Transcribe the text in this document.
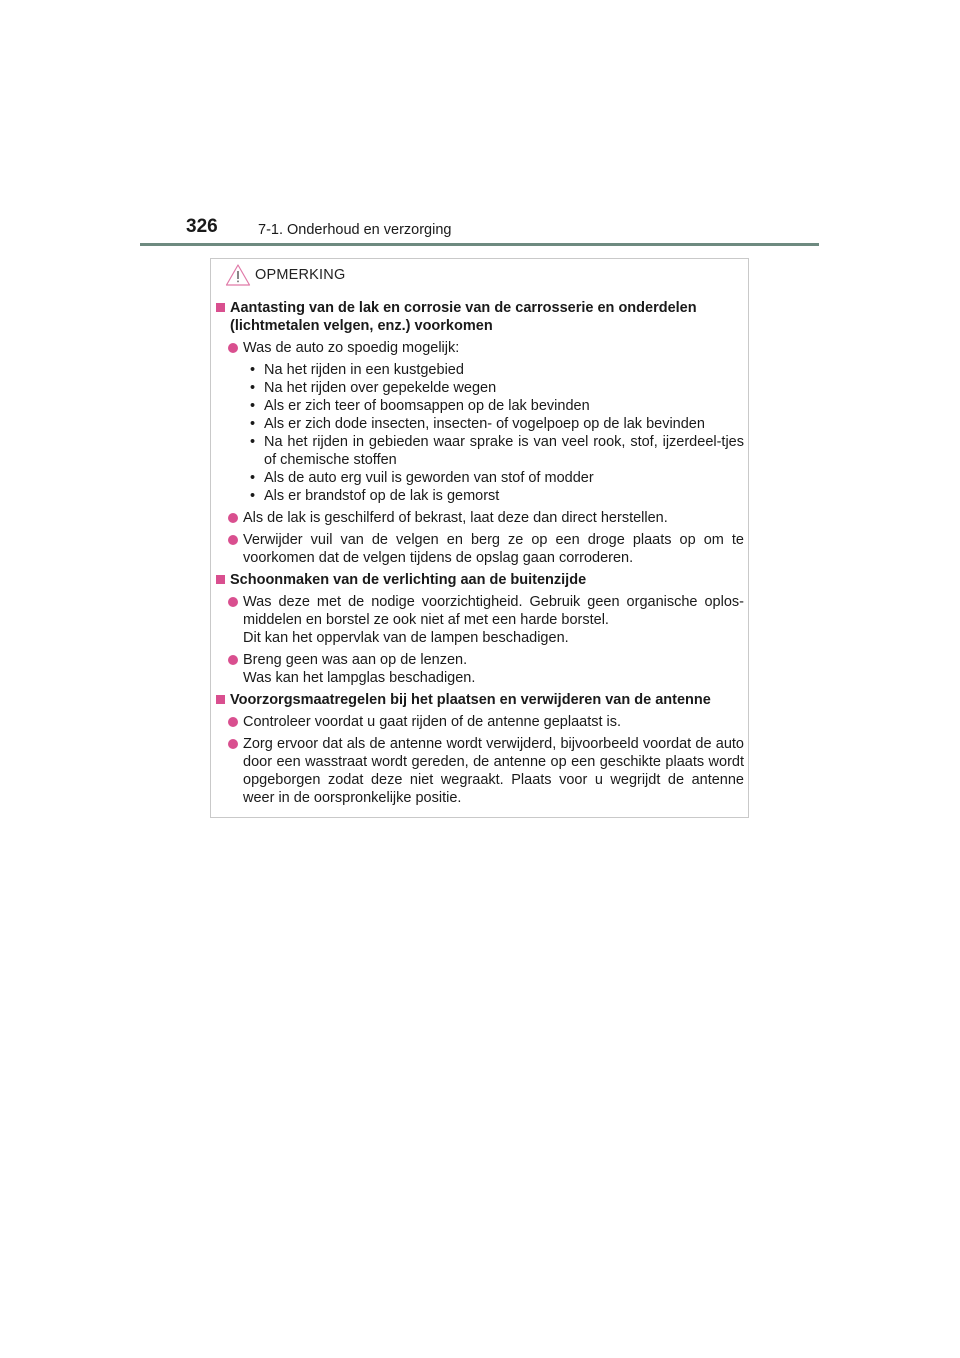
326	7-1. Onderhoud en verzorging
OPMERKING
Aantasting van de lak en corrosie van de carrosserie en onderdelen (lichtmetalen velgen, enz.) voorkomen
Was de auto zo spoedig mogelijk:
• Na het rijden in een kustgebied
• Na het rijden over gepekelde wegen
• Als er zich teer of boomsappen op de lak bevinden
• Als er zich dode insecten, insecten- of vogelpoep op de lak bevinden
• Na het rijden in gebieden waar sprake is van veel rook, stof, ijzerdeel-tjes of chemische stoffen
• Als de auto erg vuil is geworden van stof of modder
• Als er brandstof op de lak is gemorst
Als de lak is geschilferd of bekrast, laat deze dan direct herstellen.
Verwijder vuil van de velgen en berg ze op een droge plaats op om te voorkomen dat de velgen tijdens de opslag gaan corroderen.
Schoonmaken van de verlichting aan de buitenzijde
Was deze met de nodige voorzichtigheid. Gebruik geen organische oplos-middelen en borstel ze ook niet af met een harde borstel.
Dit kan het oppervlak van de lampen beschadigen.
Breng geen was aan op de lenzen.
Was kan het lampglas beschadigen.
Voorzorgsmaatregelen bij het plaatsen en verwijderen van de antenne
Controleer voordat u gaat rijden of de antenne geplaatst is.
Zorg ervoor dat als de antenne wordt verwijderd, bijvoorbeeld voordat de auto door een wasstraat wordt gereden, de antenne op een geschikte plaats wordt opgeborgen zodat deze niet wegraakt. Plaats voor u wegrijdt de antenne weer in de oorspronkelijke positie.
